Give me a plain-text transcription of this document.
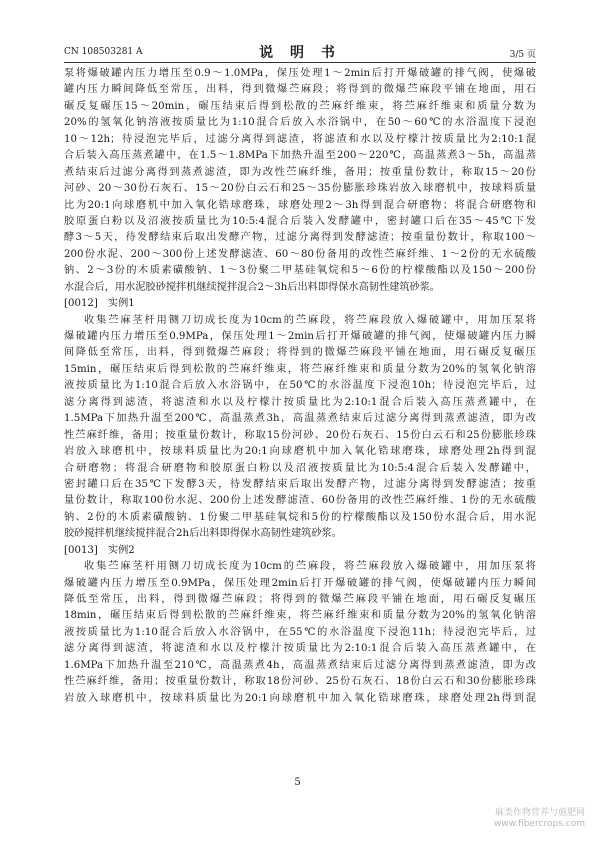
CN 108503281 A	说 明 书	3/5 页
泵将爆破罐内压力增压至0.9～1.0MPa，保压处理1～2min后打开爆破罐的排气阀，使爆破
罐内压力瞬间降低至常压，出料，得到微爆苎麻段；将得到的微爆苎麻段平铺在地面，用石
碾反复碾压15～20min，碾压结束后得到松散的苎麻纤维束，将苎麻纤维束和质量分数为
20%的氢氧化钠溶液按质量比为1:10混合后放入水浴锅中，在50～60℃的水浴温度下浸泡
10～12h；待浸泡完毕后，过滤分离得到滤渣，将滤渣和水以及柠檬汁按质量比为2:10:1混
合后装入高压蒸煮罐中，在1.5～1.8MPa下加热升温至200～220℃，高温蒸煮3～5h，高温蒸
煮结束后过滤分离得到蒸煮滤渣，即为改性苎麻纤维，备用；按重量份数计，称取15～20份
河砂、20～30份石灰石、15～20份白云石和25～35份膨胀珍珠岩放入球磨机中，按球料质量
比为20:1向球磨机中加入氧化锆球磨珠，球磨处理2～3h得到混合研磨物；将混合研磨物和
胶原蛋白粉以及沼液按质量比为10:5:4混合后装入发酵罐中，密封罐口后在35～45℃下发
酵3～5天，待发酵结束后取出发酵产物，过滤分离得到发酵滤渣；按重量份数计，称取100～
200份水泥、200～300份上述发酵滤渣、60～80份备用的改性苎麻纤维、1～2份的无水硫酸
钠、2～3份的木质素磺酸钠、1～3份聚二甲基硅氧烷和5～6份的柠檬酸酯以及150～200份
水混合后，用水泥胶砂搅拌机继续搅拌混合2～3h后出料即得保水高韧性建筑砂浆。
[0012] 实例1
收集苎麻茎杆用铡刀切成长度为10cm的苎麻段，将苎麻段放入爆破罐中，用加压泵将
爆破罐内压力增压至0.9MPa，保压处理1～2min后打开爆破罐的排气阀，使爆破罐内压力瞬
间降低至常压，出料，得到微爆苎麻段；将得到的微爆苎麻段平铺在地面，用石碾反复碾压
15min，碾压结束后得到松散的苎麻纤维束，将苎麻纤维束和质量分数为20%的氢氧化钠溶
液按质量比为1:10混合后放入水浴锅中，在50℃的水浴温度下浸泡10h；待浸泡完毕后，过
滤分离得到滤渣，将滤渣和水以及柠檬汁按质量比为2:10:1混合后装入高压蒸煮罐中，在
1.5MPa下加热升温至200℃，高温蒸煮3h，高温蒸煮结束后过滤分离得到蒸煮滤渣，即为改
性苎麻纤维，备用；按重量份数计，称取15份河砂、20份石灰石、15份白云石和25份膨胀珍珠
岩放入球磨机中，按球料质量比为20:1向球磨机中加入氧化锆球磨珠，球磨处理2h得到混
合研磨物；将混合研磨物和胶原蛋白粉以及沼液按质量比为10:5:4混合后装入发酵罐中，
密封罐口后在35℃下发酵3天，待发酵结束后取出发酵产物，过滤分离得到发酵滤渣；按重
量份数计，称取100份水泥、200份上述发酵滤渣、60份备用的改性苎麻纤维、1份的无水硫酸
钠、2份的木质素磺酸钠、1份聚二甲基硅氧烷和5份的柠檬酸酯以及150份水混合后，用水泥
胶砂搅拌机继续搅拌混合2h后出料即得保水高韧性建筑砂浆。
[0013] 实例2
收集苎麻茎杆用铡刀切成长度为10cm的苎麻段，将苎麻段放入爆破罐中，用加压泵将
爆破罐内压力增压至0.9MPa，保压处理2min后打开爆破罐的排气阀，使爆破罐内压力瞬间
降低至常压，出料，得到微爆苎麻段；将得到的微爆苎麻段平铺在地面，用石碾反复碾压
18min，碾压结束后得到松散的苎麻纤维束，将苎麻纤维束和质量分数为20%的氢氧化钠溶
液按质量比为1:10混合后放入水浴锅中，在55℃的水浴温度下浸泡11h；待浸泡完毕后，过
滤分离得到滤渣，将滤渣和水以及柠檬汁按质量比为2:10:1混合后装入高压蒸煮罐中，在
1.6MPa下加热升温至210℃，高温蒸煮4h，高温蒸煮结束后过滤分离得到蒸煮滤渣，即为改
性苎麻纤维，备用；按重量份数计，称取18份河砂、25份石灰石、18份白云石和30份膨胀珍珠
岩放入球磨机中，按球料质量比为20:1向球磨机中加入氧化锆球磨珠，球磨处理2h得到混
5
麻类作物营养与施肥网
www.fibercrops.com
